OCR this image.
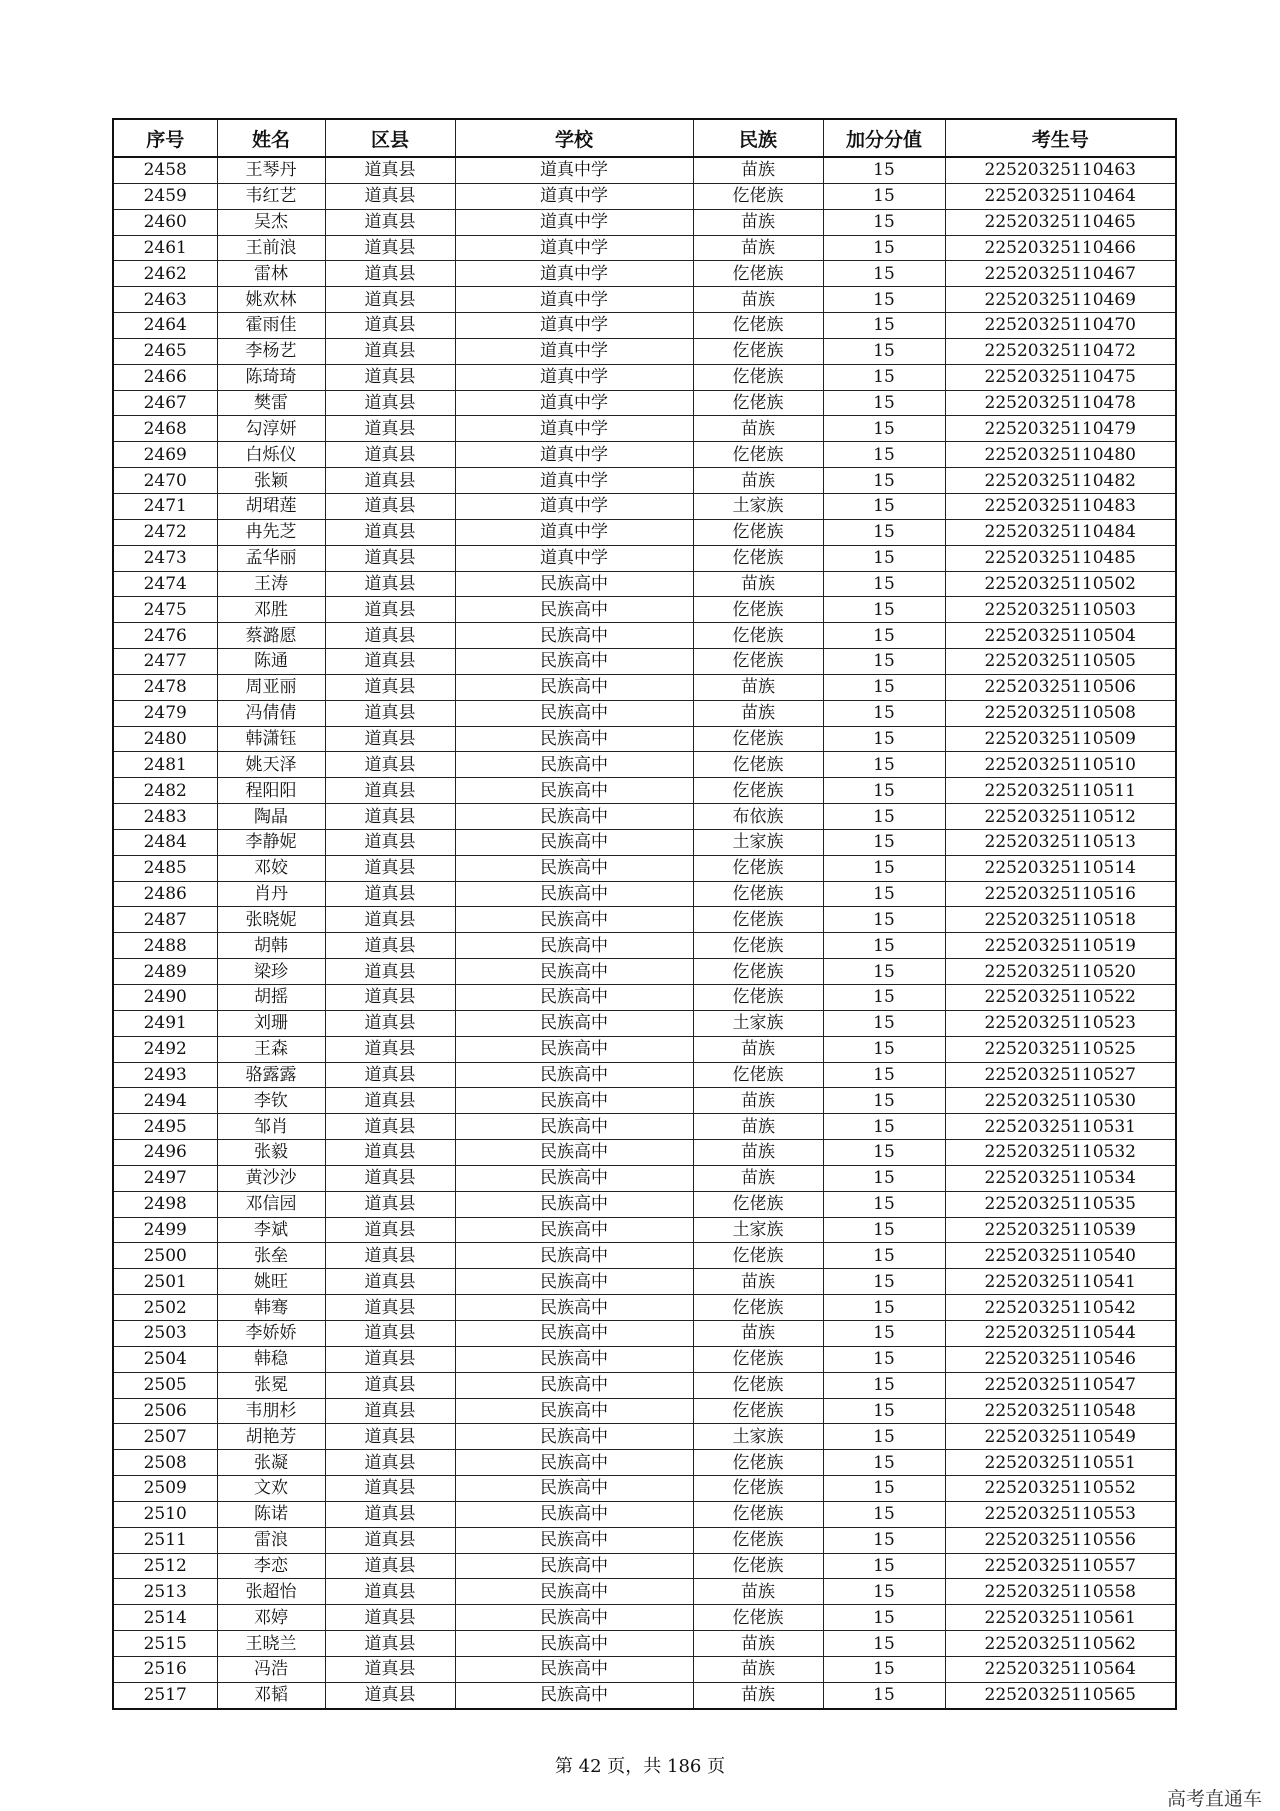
序号	姓名	区县	学校	民族	加分分值	考生号
2458	王琴丹	道真县	道真中学	苗族	15	22520325110463
2459	韦红艺	道真县	道真中学	仡佬族	15	22520325110464
2460	吴杰	道真县	道真中学	苗族	15	22520325110465
2461	王前浪	道真县	道真中学	苗族	15	22520325110466
2462	雷林	道真县	道真中学	仡佬族	15	22520325110467
2463	姚欢林	道真县	道真中学	苗族	15	22520325110469
2464	霍雨佳	道真县	道真中学	仡佬族	15	22520325110470
2465	李杨艺	道真县	道真中学	仡佬族	15	22520325110472
2466	陈琦琦	道真县	道真中学	仡佬族	15	22520325110475
2467	樊雷	道真县	道真中学	仡佬族	15	22520325110478
2468	勾淳妍	道真县	道真中学	苗族	15	22520325110479
2469	白烁仪	道真县	道真中学	仡佬族	15	22520325110480
2470	张颖	道真县	道真中学	苗族	15	22520325110482
2471	胡珺莲	道真县	道真中学	土家族	15	22520325110483
2472	冉先芝	道真县	道真中学	仡佬族	15	22520325110484
2473	孟华丽	道真县	道真中学	仡佬族	15	22520325110485
2474	王涛	道真县	民族高中	苗族	15	22520325110502
2475	邓胜	道真县	民族高中	仡佬族	15	22520325110503
2476	蔡潞愿	道真县	民族高中	仡佬族	15	22520325110504
2477	陈通	道真县	民族高中	仡佬族	15	22520325110505
2478	周亚丽	道真县	民族高中	苗族	15	22520325110506
2479	冯倩倩	道真县	民族高中	苗族	15	22520325110508
2480	韩潇钰	道真县	民族高中	仡佬族	15	22520325110509
2481	姚天泽	道真县	民族高中	仡佬族	15	22520325110510
2482	程阳阳	道真县	民族高中	仡佬族	15	22520325110511
2483	陶晶	道真县	民族高中	布依族	15	22520325110512
2484	李静妮	道真县	民族高中	土家族	15	22520325110513
2485	邓姣	道真县	民族高中	仡佬族	15	22520325110514
2486	肖丹	道真县	民族高中	仡佬族	15	22520325110516
2487	张晓妮	道真县	民族高中	仡佬族	15	22520325110518
2488	胡韩	道真县	民族高中	仡佬族	15	22520325110519
2489	梁珍	道真县	民族高中	仡佬族	15	22520325110520
2490	胡摇	道真县	民族高中	仡佬族	15	22520325110522
2491	刘珊	道真县	民族高中	土家族	15	22520325110523
2492	王森	道真县	民族高中	苗族	15	22520325110525
2493	骆露露	道真县	民族高中	仡佬族	15	22520325110527
2494	李钦	道真县	民族高中	苗族	15	22520325110530
2495	邹肖	道真县	民族高中	苗族	15	22520325110531
2496	张毅	道真县	民族高中	苗族	15	22520325110532
2497	黄沙沙	道真县	民族高中	苗族	15	22520325110534
2498	邓信园	道真县	民族高中	仡佬族	15	22520325110535
2499	李斌	道真县	民族高中	土家族	15	22520325110539
2500	张垒	道真县	民族高中	仡佬族	15	22520325110540
2501	姚旺	道真县	民族高中	苗族	15	22520325110541
2502	韩骞	道真县	民族高中	仡佬族	15	22520325110542
2503	李娇娇	道真县	民族高中	苗族	15	22520325110544
2504	韩稳	道真县	民族高中	仡佬族	15	22520325110546
2505	张冕	道真县	民族高中	仡佬族	15	22520325110547
2506	韦朋杉	道真县	民族高中	仡佬族	15	22520325110548
2507	胡艳芳	道真县	民族高中	土家族	15	22520325110549
2508	张凝	道真县	民族高中	仡佬族	15	22520325110551
2509	文欢	道真县	民族高中	仡佬族	15	22520325110552
2510	陈诺	道真县	民族高中	仡佬族	15	22520325110553
2511	雷浪	道真县	民族高中	仡佬族	15	22520325110556
2512	李恋	道真县	民族高中	仡佬族	15	22520325110557
2513	张超怡	道真县	民族高中	苗族	15	22520325110558
2514	邓婷	道真县	民族高中	仡佬族	15	22520325110561
2515	王晓兰	道真县	民族高中	苗族	15	22520325110562
2516	冯浩	道真县	民族高中	苗族	15	22520325110564
2517	邓韬	道真县	民族高中	苗族	15	22520325110565
第 42 页，共 186 页
高考直通车
